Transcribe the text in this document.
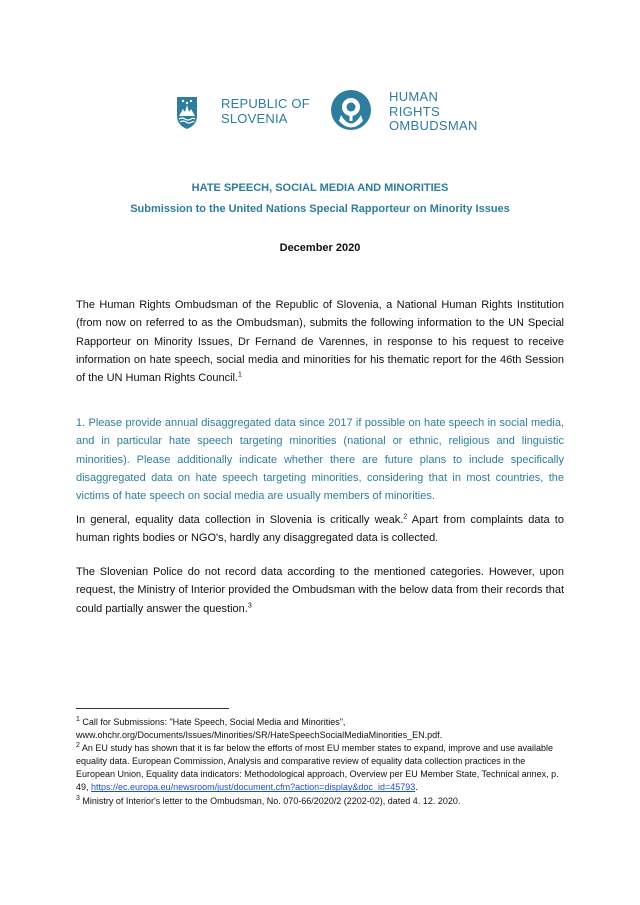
REPUBLIC OF
SLOVENIA
HUMAN
RIGHTS
OMBUDSMAN
HATE SPEECH, SOCIAL MEDIA AND MINORITIES
Submission to the United Nations Special Rapporteur on Minority Issues
December 2020

The Human Rights Ombudsman of the Republic of Slovenia, a National Human Rights Institution (from now on referred to as the Ombudsman), submits the following information to the UN Special Rapporteur on Minority Issues, Dr Fernand de Varennes, in response to his request to receive information on hate speech, social media and minorities for his thematic report for the 46th Session of the UN Human Rights Council.$^1$

1. Please provide annual disaggregated data since 2017 if possible on hate speech in social media, and in particular hate speech targeting minorities (national or ethnic, religious and linguistic minorities). Please additionally indicate whether there are future plans to include specifically disaggregated data on hate speech targeting minorities, considering that in most countries, the victims of hate speech on social media are usually members of minorities.

In general, equality data collection in Slovenia is critically weak.$^2$ Apart from complaints data to human rights bodies or NGO's, hardly any disaggregated data is collected.

The Slovenian Police do not record data according to the mentioned categories. However, upon request, the Ministry of Interior provided the Ombudsman with the below data from their records that could partially answer the question.$^3$

$^1$ Call for Submissions: "Hate Speech, Social Media and Minorities", www.ohchr.org/Documents/Issues/Minorities/SR/HateSpeechSocialMediaMinorities_EN.pdf.

$^2$ An EU study has shown that it is far below the efforts of most EU member states to expand, improve and use available equality data. European Commission, Analysis and comparative review of equality data collection practices in the European Union, Equality data indicators: Methodological approach, Overview per EU Member State, Technical annex, p. 49, https://ec.europa.eu/newsroom/just/document.cfm?action=display&doc_id=45793.

$^3$ Ministry of Interior's letter to the Ombudsman, No. 070-66/2020/2 (2202-02), dated 4. 12. 2020.
